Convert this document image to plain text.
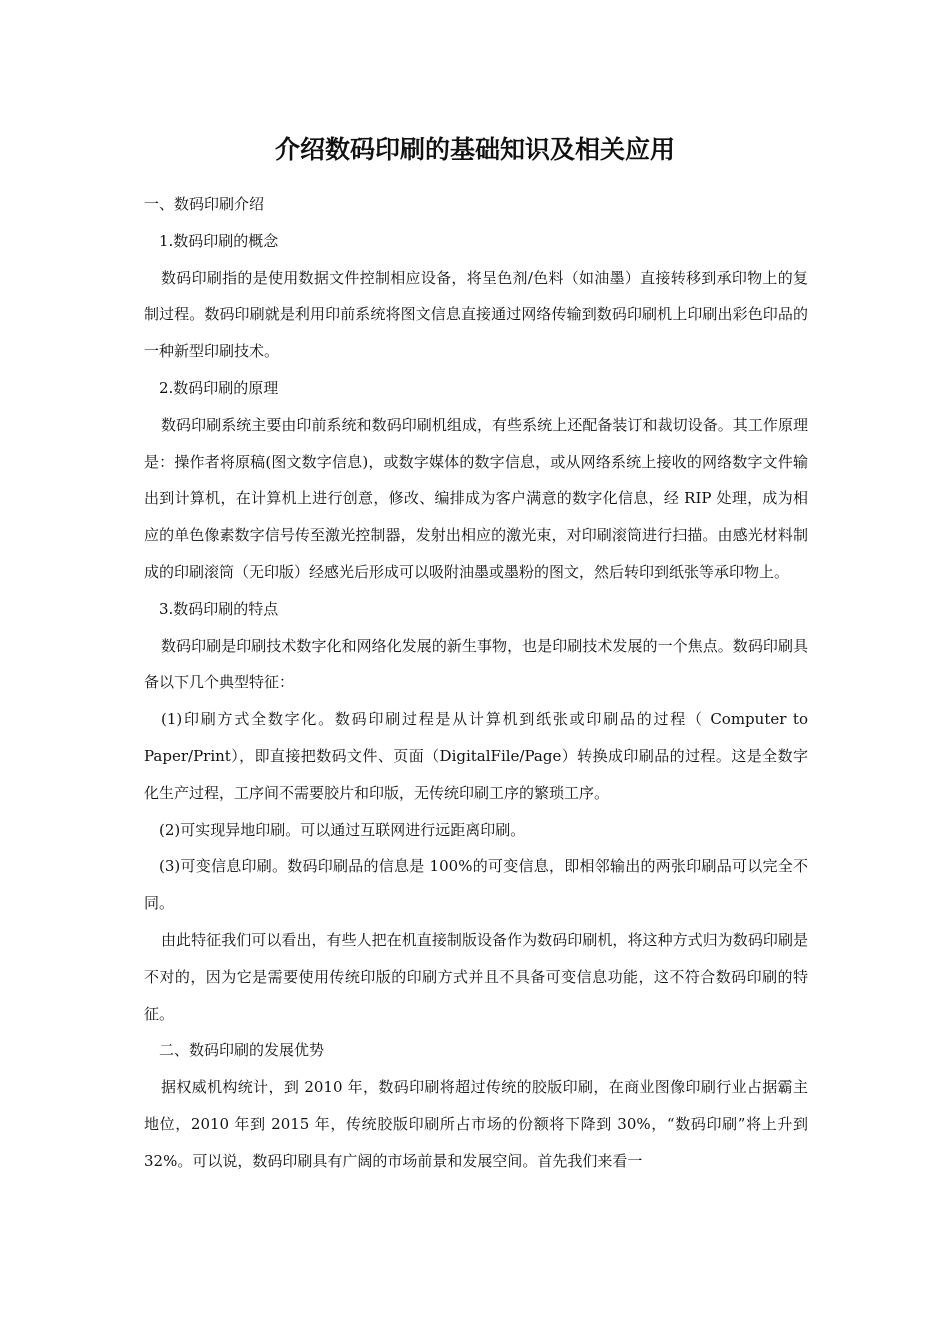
介绍数码印刷的基础知识及相关应用

一、数码印刷介绍

1.数码印刷的概念

数码印刷指的是使用数据文件控制相应设备，将呈色剂/色料（如油墨）直接转移到承印物上的复制过程。数码印刷就是利用印前系统将图文信息直接通过网络传输到数码印刷机上印刷出彩色印品的一种新型印刷技术。

2.数码印刷的原理

数码印刷系统主要由印前系统和数码印刷机组成，有些系统上还配备装订和裁切设备。其工作原理是：操作者将原稿(图文数字信息)，或数字媒体的数字信息，或从网络系统上接收的网络数字文件输出到计算机，在计算机上进行创意，修改、编排成为客户满意的数字化信息，经 RIP 处理，成为相应的单色像素数字信号传至激光控制器，发射出相应的激光束，对印刷滚筒进行扫描。由感光材料制成的印刷滚筒（无印版）经感光后形成可以吸附油墨或墨粉的图文，然后转印到纸张等承印物上。

3.数码印刷的特点

数码印刷是印刷技术数字化和网络化发展的新生事物，也是印刷技术发展的一个焦点。数码印刷具备以下几个典型特征：

(1)印刷方式全数字化。数码印刷过程是从计算机到纸张或印刷品的过程（ Computer to Paper/Print），即直接把数码文件、页面（DigitalFile/Page）转换成印刷品的过程。这是全数字化生产过程，工序间不需要胶片和印版，无传统印刷工序的繁琐工序。

(2)可实现异地印刷。可以通过互联网进行远距离印刷。

(3)可变信息印刷。数码印刷品的信息是 100%的可变信息，即相邻输出的两张印刷品可以完全不同。

由此特征我们可以看出，有些人把在机直接制版设备作为数码印刷机，将这种方式归为数码印刷是不对的，因为它是需要使用传统印版的印刷方式并且不具备可变信息功能，这不符合数码印刷的特征。

二、数码印刷的发展优势

据权威机构统计，到 2010 年，数码印刷将超过传统的胶版印刷，在商业图像印刷行业占据霸主地位，2010 年到 2015 年，传统胶版印刷所占市场的份额将下降到 30%，“数码印刷”将上升到 32%。可以说，数码印刷具有广阔的市场前景和发展空间。首先我们来看一
